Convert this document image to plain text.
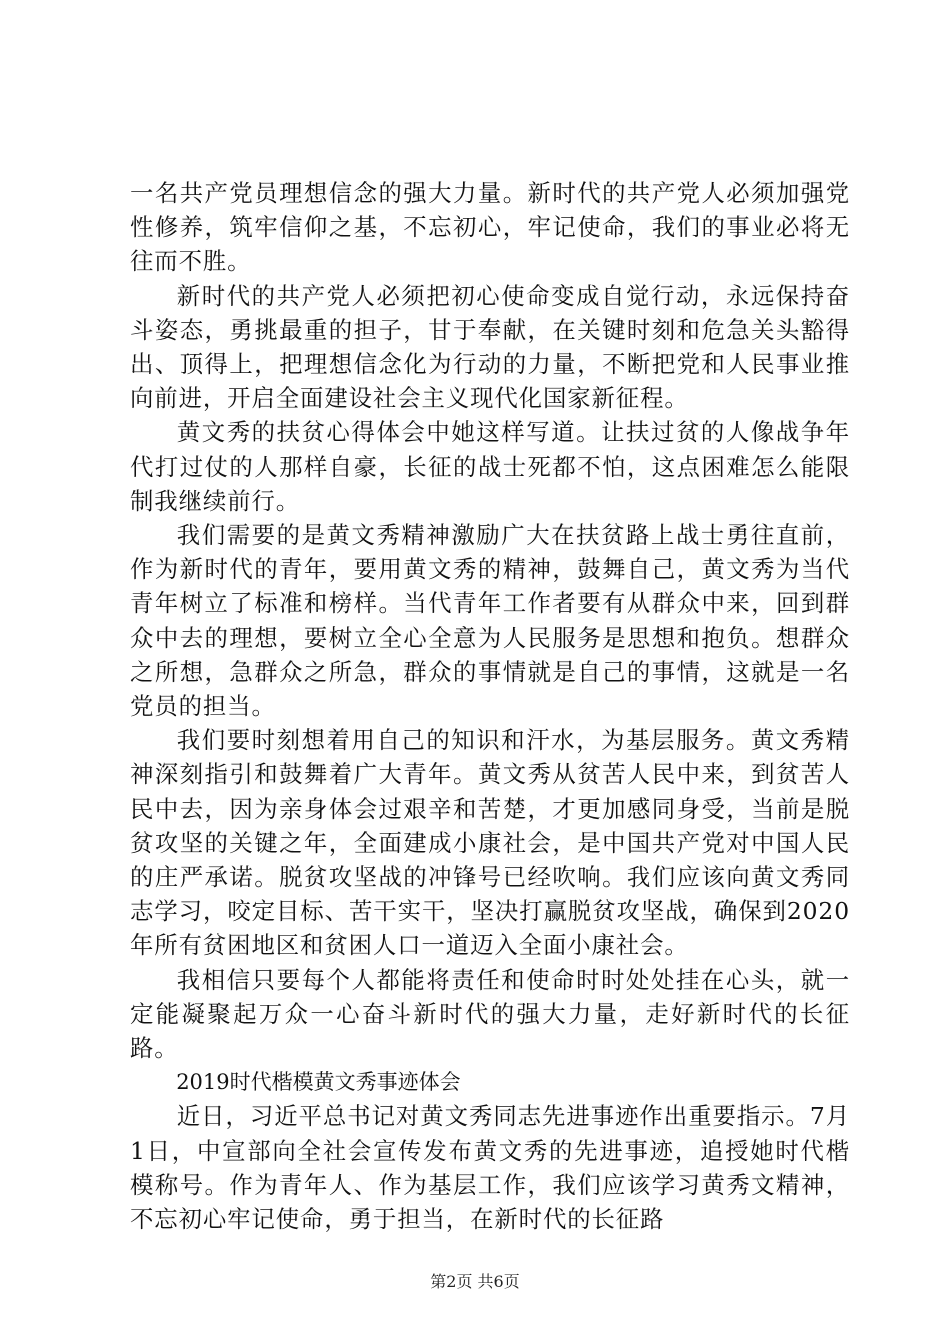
一名共产党员理想信念的强大力量。新时代的共产党人必须加强党性修养，筑牢信仰之基，不忘初心，牢记使命，我们的事业必将无往而不胜。

新时代的共产党人必须把初心使命变成自觉行动，永远保持奋斗姿态，勇挑最重的担子，甘于奉献，在关键时刻和危急关头豁得出、顶得上，把理想信念化为行动的力量，不断把党和人民事业推向前进，开启全面建设社会主义现代化国家新征程。

黄文秀的扶贫心得体会中她这样写道。让扶过贫的人像战争年代打过仗的人那样自豪，长征的战士死都不怕，这点困难怎么能限制我继续前行。

我们需要的是黄文秀精神激励广大在扶贫路上战士勇往直前，作为新时代的青年，要用黄文秀的精神，鼓舞自己，黄文秀为当代青年树立了标准和榜样。当代青年工作者要有从群众中来，回到群众中去的理想，要树立全心全意为人民服务是思想和抱负。想群众之所想，急群众之所急，群众的事情就是自己的事情，这就是一名党员的担当。

我们要时刻想着用自己的知识和汗水，为基层服务。黄文秀精神深刻指引和鼓舞着广大青年。黄文秀从贫苦人民中来，到贫苦人民中去，因为亲身体会过艰辛和苦楚，才更加感同身受，当前是脱贫攻坚的关键之年，全面建成小康社会，是中国共产党对中国人民的庄严承诺。脱贫攻坚战的冲锋号已经吹响。我们应该向黄文秀同志学习，咬定目标、苦干实干，坚决打赢脱贫攻坚战，确保到2020年所有贫困地区和贫困人口一道迈入全面小康社会。

我相信只要每个人都能将责任和使命时时处处挂在心头，就一定能凝聚起万众一心奋斗新时代的强大力量，走好新时代的长征路。

2019时代楷模黄文秀事迹体会

近日，习近平总书记对黄文秀同志先进事迹作出重要指示。7月1日，中宣部向全社会宣传发布黄文秀的先进事迹，追授她时代楷模称号。作为青年人、作为基层工作，我们应该学习黄秀文精神，不忘初心牢记使命，勇于担当，在新时代的长征路

第2页 共6页
